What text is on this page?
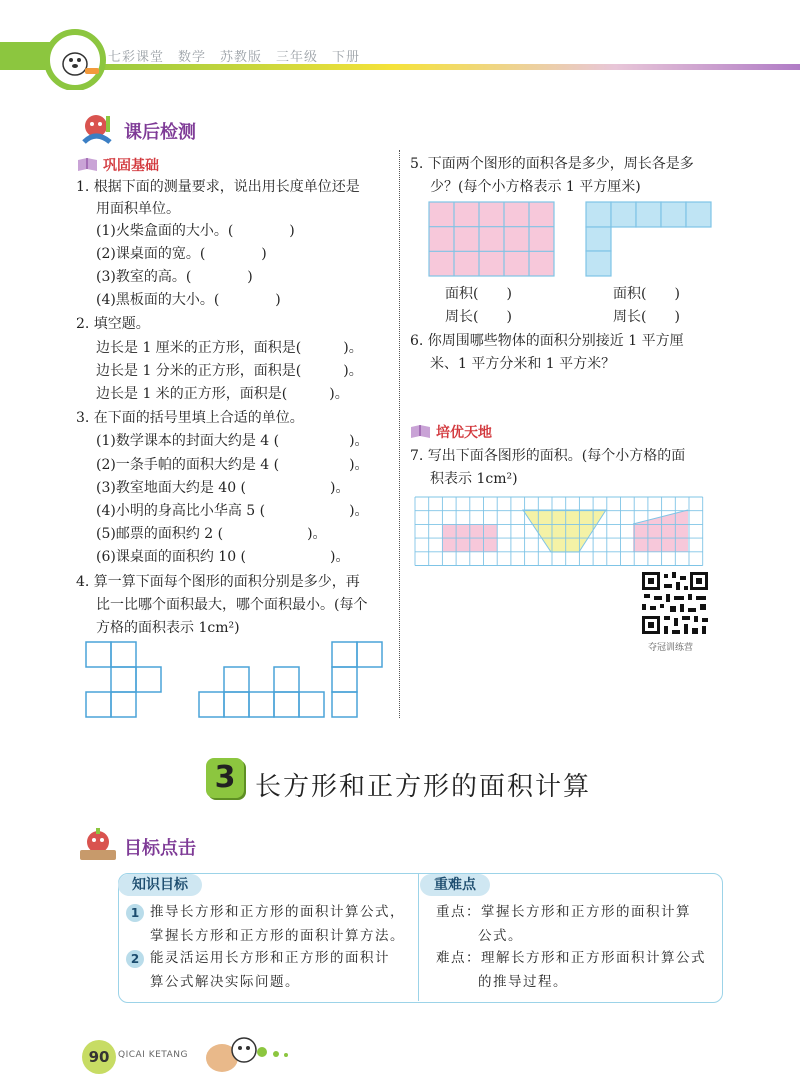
七彩课堂　数学　苏教版　三年级　下册
课后检测
巩固基础
1. 根据下面的测量要求，说出用长度单位还是
用面积单位。
(1)火柴盒面的大小。(　　　　)
(2)课桌面的宽。(　　　　)
(3)教室的高。(　　　　)
(4)黑板面的大小。(　　　　)
2. 填空题。
边长是 1 厘米的正方形，面积是(　　　)。
边长是 1 分米的正方形，面积是(　　　)。
边长是 1 米的正方形，面积是(　　　)。
3. 在下面的括号里填上合适的单位。
(1)数学课本的封面大约是 4 (　　　　　)。
(2)一条手帕的面积大约是 4 (　　　　　)。
(3)教室地面大约是 40 (　　　　　　)。
(4)小明的身高比小华高 5 (　　　　　　)。
(5)邮票的面积约 2 (　　　　　　)。
(6)课桌面的面积约 10 (　　　　　　)。
4. 算一算下面每个图形的面积分别是多少，再
比一比哪个面积最大，哪个面积最小。(每个
方格的面积表示 1cm²)
5. 下面两个图形的面积各是多少，周长各是多
少？(每个小方格表示 1 平方厘米)
面积(　　)
周长(　　)
面积(　　)
周长(　　)
6. 你周围哪些物体的面积分别接近 1 平方厘
米、1 平方分米和 1 平方米？
培优天地
7. 写出下面各图形的面积。(每个小方格的面
积表示 1cm²)
夺冠训练营
3 长方形和正方形的面积计算
目标点击
知识目标	重难点
1 推导长方形和正方形的面积计算公式，
掌握长方形和正方形的面积计算方法。
2 能灵活运用长方形和正方形的面积计
算公式解决实际问题。
重点：掌握长方形和正方形的面积计算
公式。
难点：理解长方形和正方形面积计算公式
的推导过程。
90 QICAI KETANG
